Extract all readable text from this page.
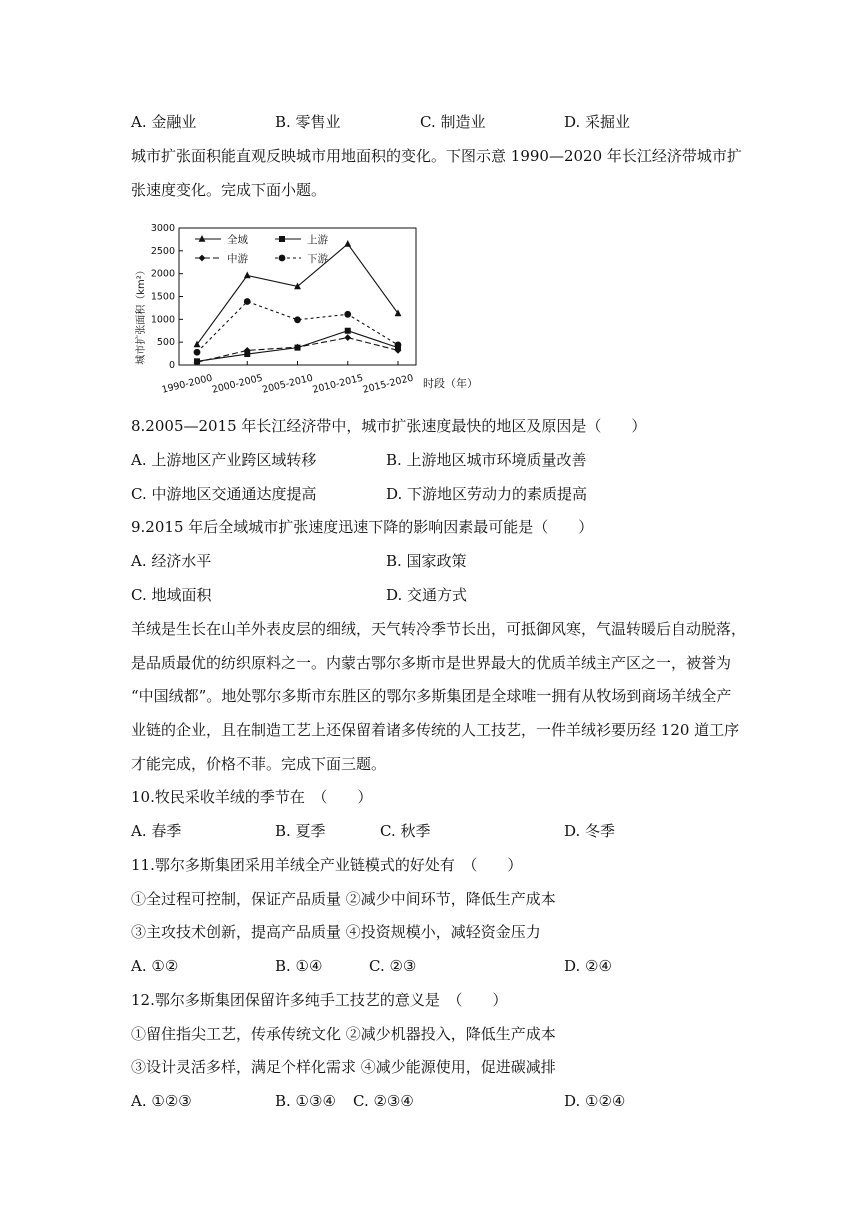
A. 金融业	B. 零售业	C. 制造业	D. 采掘业
城市扩张面积能直观反映城市用地面积的变化。下图示意 1990—2020 年长江经济带城市扩
张速度变化。完成下面小题。
0
500
1000
1500
2000
2500
3000
1990-2000
2000-2005
2005-2010
2010-2015
2015-2020
全域	上游
中游	下游
城市扩张面积（km²）
时段（年）
8.2005—2015 年长江经济带中，城市扩张速度最快的地区及原因是（　　）
A. 上游地区产业跨区域转移	B. 上游地区城市环境质量改善
C. 中游地区交通通达度提高	D. 下游地区劳动力的素质提高
9.2015 年后全域城市扩张速度迅速下降的影响因素最可能是（　　）
A. 经济水平	B. 国家政策
C. 地域面积	D. 交通方式
羊绒是生长在山羊外表皮层的细绒，天气转冷季节长出，可抵御风寒，气温转暖后自动脱落，
是品质最优的纺织原料之一。内蒙古鄂尔多斯市是世界最大的优质羊绒主产区之一，被誉为
“中国绒都”。地处鄂尔多斯市东胜区的鄂尔多斯集团是全球唯一拥有从牧场到商场羊绒全产
业链的企业，且在制造工艺上还保留着诸多传统的人工技艺，一件羊绒衫要历经 120 道工序
才能完成，价格不菲。完成下面三题。
10.牧民采收羊绒的季节在　（　　）
A. 春季	B. 夏季	C. 秋季	D. 冬季
11.鄂尔多斯集团采用羊绒全产业链模式的好处有　（　　）
①全过程可控制，保证产品质量 ②减少中间环节，降低生产成本
③主攻技术创新，提高产品质量 ④投资规模小，减轻资金压力
A. ①②	B. ①④	C. ②③	D. ②④
12.鄂尔多斯集团保留许多纯手工技艺的意义是　（　　）
①留住指尖工艺，传承传统文化 ②减少机器投入，降低生产成本
③设计灵活多样，满足个样化需求 ④减少能源使用，促进碳减排
A. ①②③	B. ①③④ C. ②③④	D. ①②④
